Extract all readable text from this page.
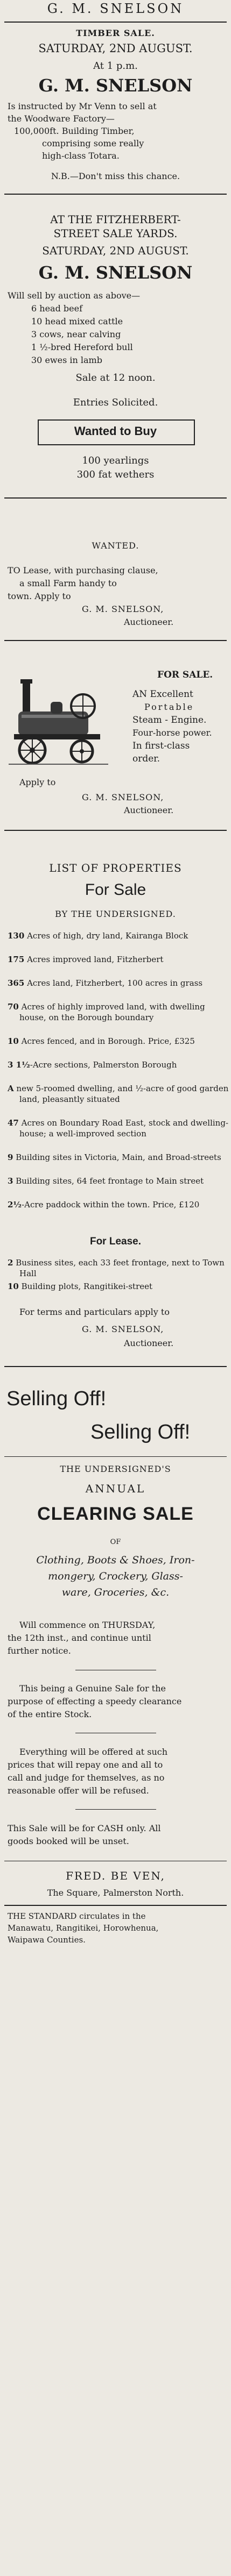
G. M. SNELSON
TIMBER SALE.
SATURDAY, 2ND AUGUST.
At 1 p.m.
G. M. SNELSON
Is instructed by Mr Venn to sell at
the Woodware Factory—
100,000ft. Building Timber,
comprising some really
high-class Totara.
N.B.—Don't miss this chance.
AT THE FITZHERBERT-
STREET SALE YARDS.
SATURDAY, 2ND AUGUST.
G. M. SNELSON
Will sell by auction as above—
6 head beef
10 head mixed cattle
3 cows, near calving
1 ½-bred Hereford bull
30 ewes in lamb
Sale at 12 noon.
Entries Solicited.
Wanted to Buy
100 yearlings
300 fat wethers
WANTED.
TO Lease, with purchasing clause,
a small Farm handy to
town. Apply to
G. M. SNELSON,
Auctioneer.
FOR SALE.
AN Excellent
Portable
Steam - Engine.
Four-horse power.
In first-class
order.
Apply to
G. M. SNELSON,
Auctioneer.
LIST OF PROPERTIES
For Sale
BY THE UNDERSIGNED.
130 Acres of high, dry land, Kairanga Block
175 Acres improved land, Fitzherbert
365 Acres land, Fitzherbert, 100 acres in grass
70 Acres of highly improved land, with dwelling house, on the Borough boundary
10 Acres fenced, and in Borough. Price, £325
3 1½-Acre sections, Palmerston Borough
A new 5-roomed dwelling, and ½-acre of good garden land, pleasantly situated
47 Acres on Boundary Road East, stock and dwelling-house; a well-improved section
9 Building sites in Victoria, Main, and Broad-streets
3 Building sites, 64 feet frontage to Main street
2½-Acre paddock within the town. Price, £120
For Lease.
2 Business sites, each 33 feet frontage, next to Town Hall
10 Building plots, Rangitikei-street
For terms and particulars apply to
G. M. SNELSON,
Auctioneer.
Selling Off!
Selling Off!
THE UNDERSIGNED'S
ANNUAL
CLEARING SALE
OF
Clothing, Boots & Shoes, Iron-
mongery, Crockery, Glass-
ware, Groceries, &c.
Will commence on THURSDAY,
the 12th inst., and continue until
further notice.
This being a Genuine Sale for the
purpose of effecting a speedy clearance
of the entire Stock.
Everything will be offered at such
prices that will repay one and all to
call and judge for themselves, as no
reasonable offer will be refused.
This Sale will be for CASH only. All
goods booked will be unset.
FRED. BE VEN,
The Square, Palmerston North.
THE STANDARD circulates in the
Manawatu, Rangitikei, Horowhenua,
Waipawa Counties.
